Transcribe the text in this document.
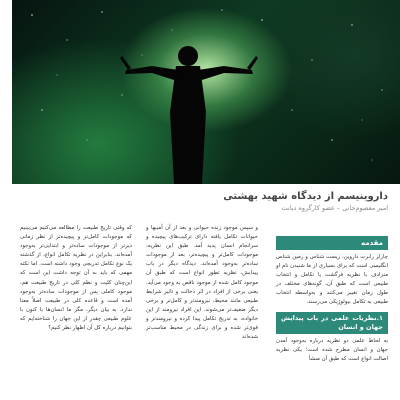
داروینیسم از دیدگاه شهید بهشتی
امیر معصوم‌خانی – عضو کارگروه دیانت
مقدمه

چارلز رابرت داروین، زیست شناس و زمین شناس انگلیسی است که برای بسیاری از ما شنیدن نام او مترادف با نظریه فرگشت یا تکامل و انتخاب طبیعی است که طبق آن، گونه‌های مختلف در طول زمان تغییر می‌کنند و به‌واسطه انتخاب طبیعی به تکامل بیولوژیکی می‌رسند.

۱.نظریات علمی در باب پیدایش جهان و انسان

به لحاظ علمی دو نظریه درباره به‌وجود آمدن جهان و انسان مطرح شده است؛ یکی نظریه اصالت انواع است که طبق آن منشأ

و سپس موجود زنده حیوانی و بعد از آن آمیبها و حیوانات تکامل یافته دارای ترکیب‌های پیچیده و سرانجام انسان پدید آمد. طبق این نظریه، موجودات کامل‌تر و پیچیده‌تر، بعد از موجودات ساده‌تر به‌وجود آمده‌اند. دیدگاه دیگر در باب پیدایش، نظریه تطور انواع است که طبق آن موجود کامل شده از موجود ناقص به وجود می‌آید. یعنی برخی از افراد در اثر دخالت و تاثیر شرایط طبیعی مانند محیط، نیرومندتر و کامل‌تر و برخی دیگر ضعیف‌تر می‌شوند. این افراد نیرومند از این خانواده، به تدریج تکامل پیدا کرده و نیرومندتر و قوی‌تر شده و برای زندگی در محیط مناسب‌تر شده‌اند

که وقتی تاریخ طبیعت را مطالعه می‌کنیم می‌بینیم که موجودات کامل‌تر و پیچیده‌تر از نظر زمانی دیرتر از موجودات ساده‌تر و ابتدایی‌تر به‌وجود آمده‌اند. بنابراین در نظریه تکامل انواع، از گذشته یک نوع تکامل تدریجی وجود داشته است. اما نکته مهمی که باید به آن توجه داشت این است که این‌چنان کلیت و نظم کلی در تاریخ طبیعت هم، موجود کاملی پس از موجودات ساده‌تر به‌وجود آمده است و قاعده کلی در طبیعت اصلاً معنا ندارد. به بیان دیگر، مگر ما انسان‌ها با کنون با علوم طبیعی چقدر از این جهان را شناخته‌ایم که بتوانیم درباره کل آن اظهار نظر کنیم؟
